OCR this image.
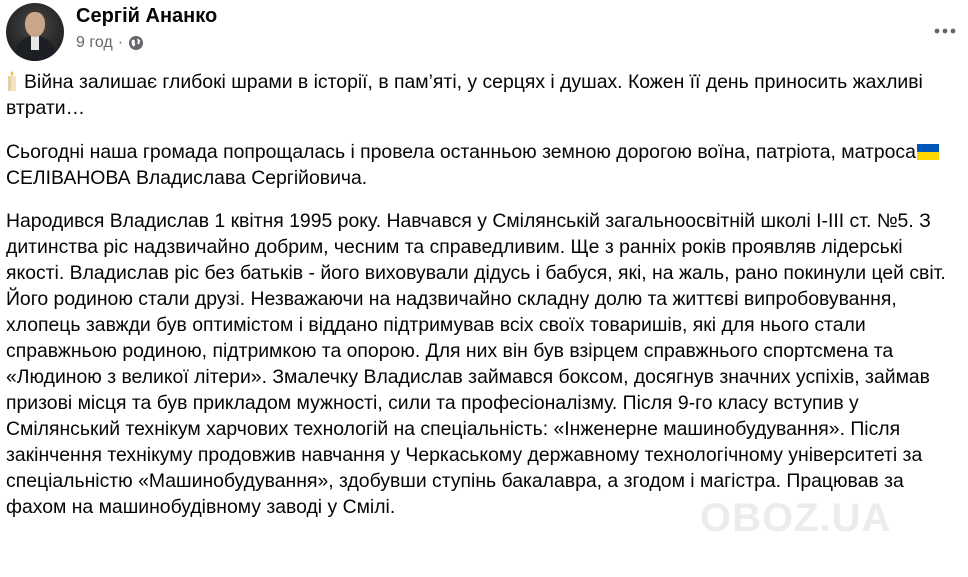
Сергій Ананко
9 год ·

Війна залишає глибокі шрами в історії, в пам’яті, у серцях і душах. Кожен її день приносить жахливі втрати…

Сьогодні наша громада попрощалась і провела останньою земною дорогою воїна, патріота, матроса СЕЛІВАНОВА Владислава Сергійовича.

Народився Владислав 1 квітня 1995 року. Навчався у Смілянській загальноосвітній школі I-III ст. №5. З дитинства ріс надзвичайно добрим, чесним та справедливим. Ще з ранніх років проявляв лідерські якості. Владислав ріс без батьків - його виховували дідусь і бабуся, які, на жаль, рано покинули цей світ. Його родиною стали друзі. Незважаючи на надзвичайно складну долю та життєві випробовування, хлопець завжди був оптимістом і віддано підтримував всіх своїх товаришів, які для нього стали справжньою родиною, підтримкою та опорою. Для них він був взірцем справжнього спортсмена та «Людиною з великої літери». Змалечку Владислав займався боксом, досягнув значних успіхів, займав призові місця та був прикладом мужності, сили та професіоналізму. Після 9-го класу вступив у Смілянський технікум харчових технологій на спеціальність: «Інженерне машинобудування». Після закінчення технікуму продовжив навчання у Черкаському державному технологічному університеті за спеціальністю «Машинобудування», здобувши ступінь бакалавра, а згодом і магістра. Працював за фахом на машинобудівному заводі у Смілі.	OBOZ.UA
